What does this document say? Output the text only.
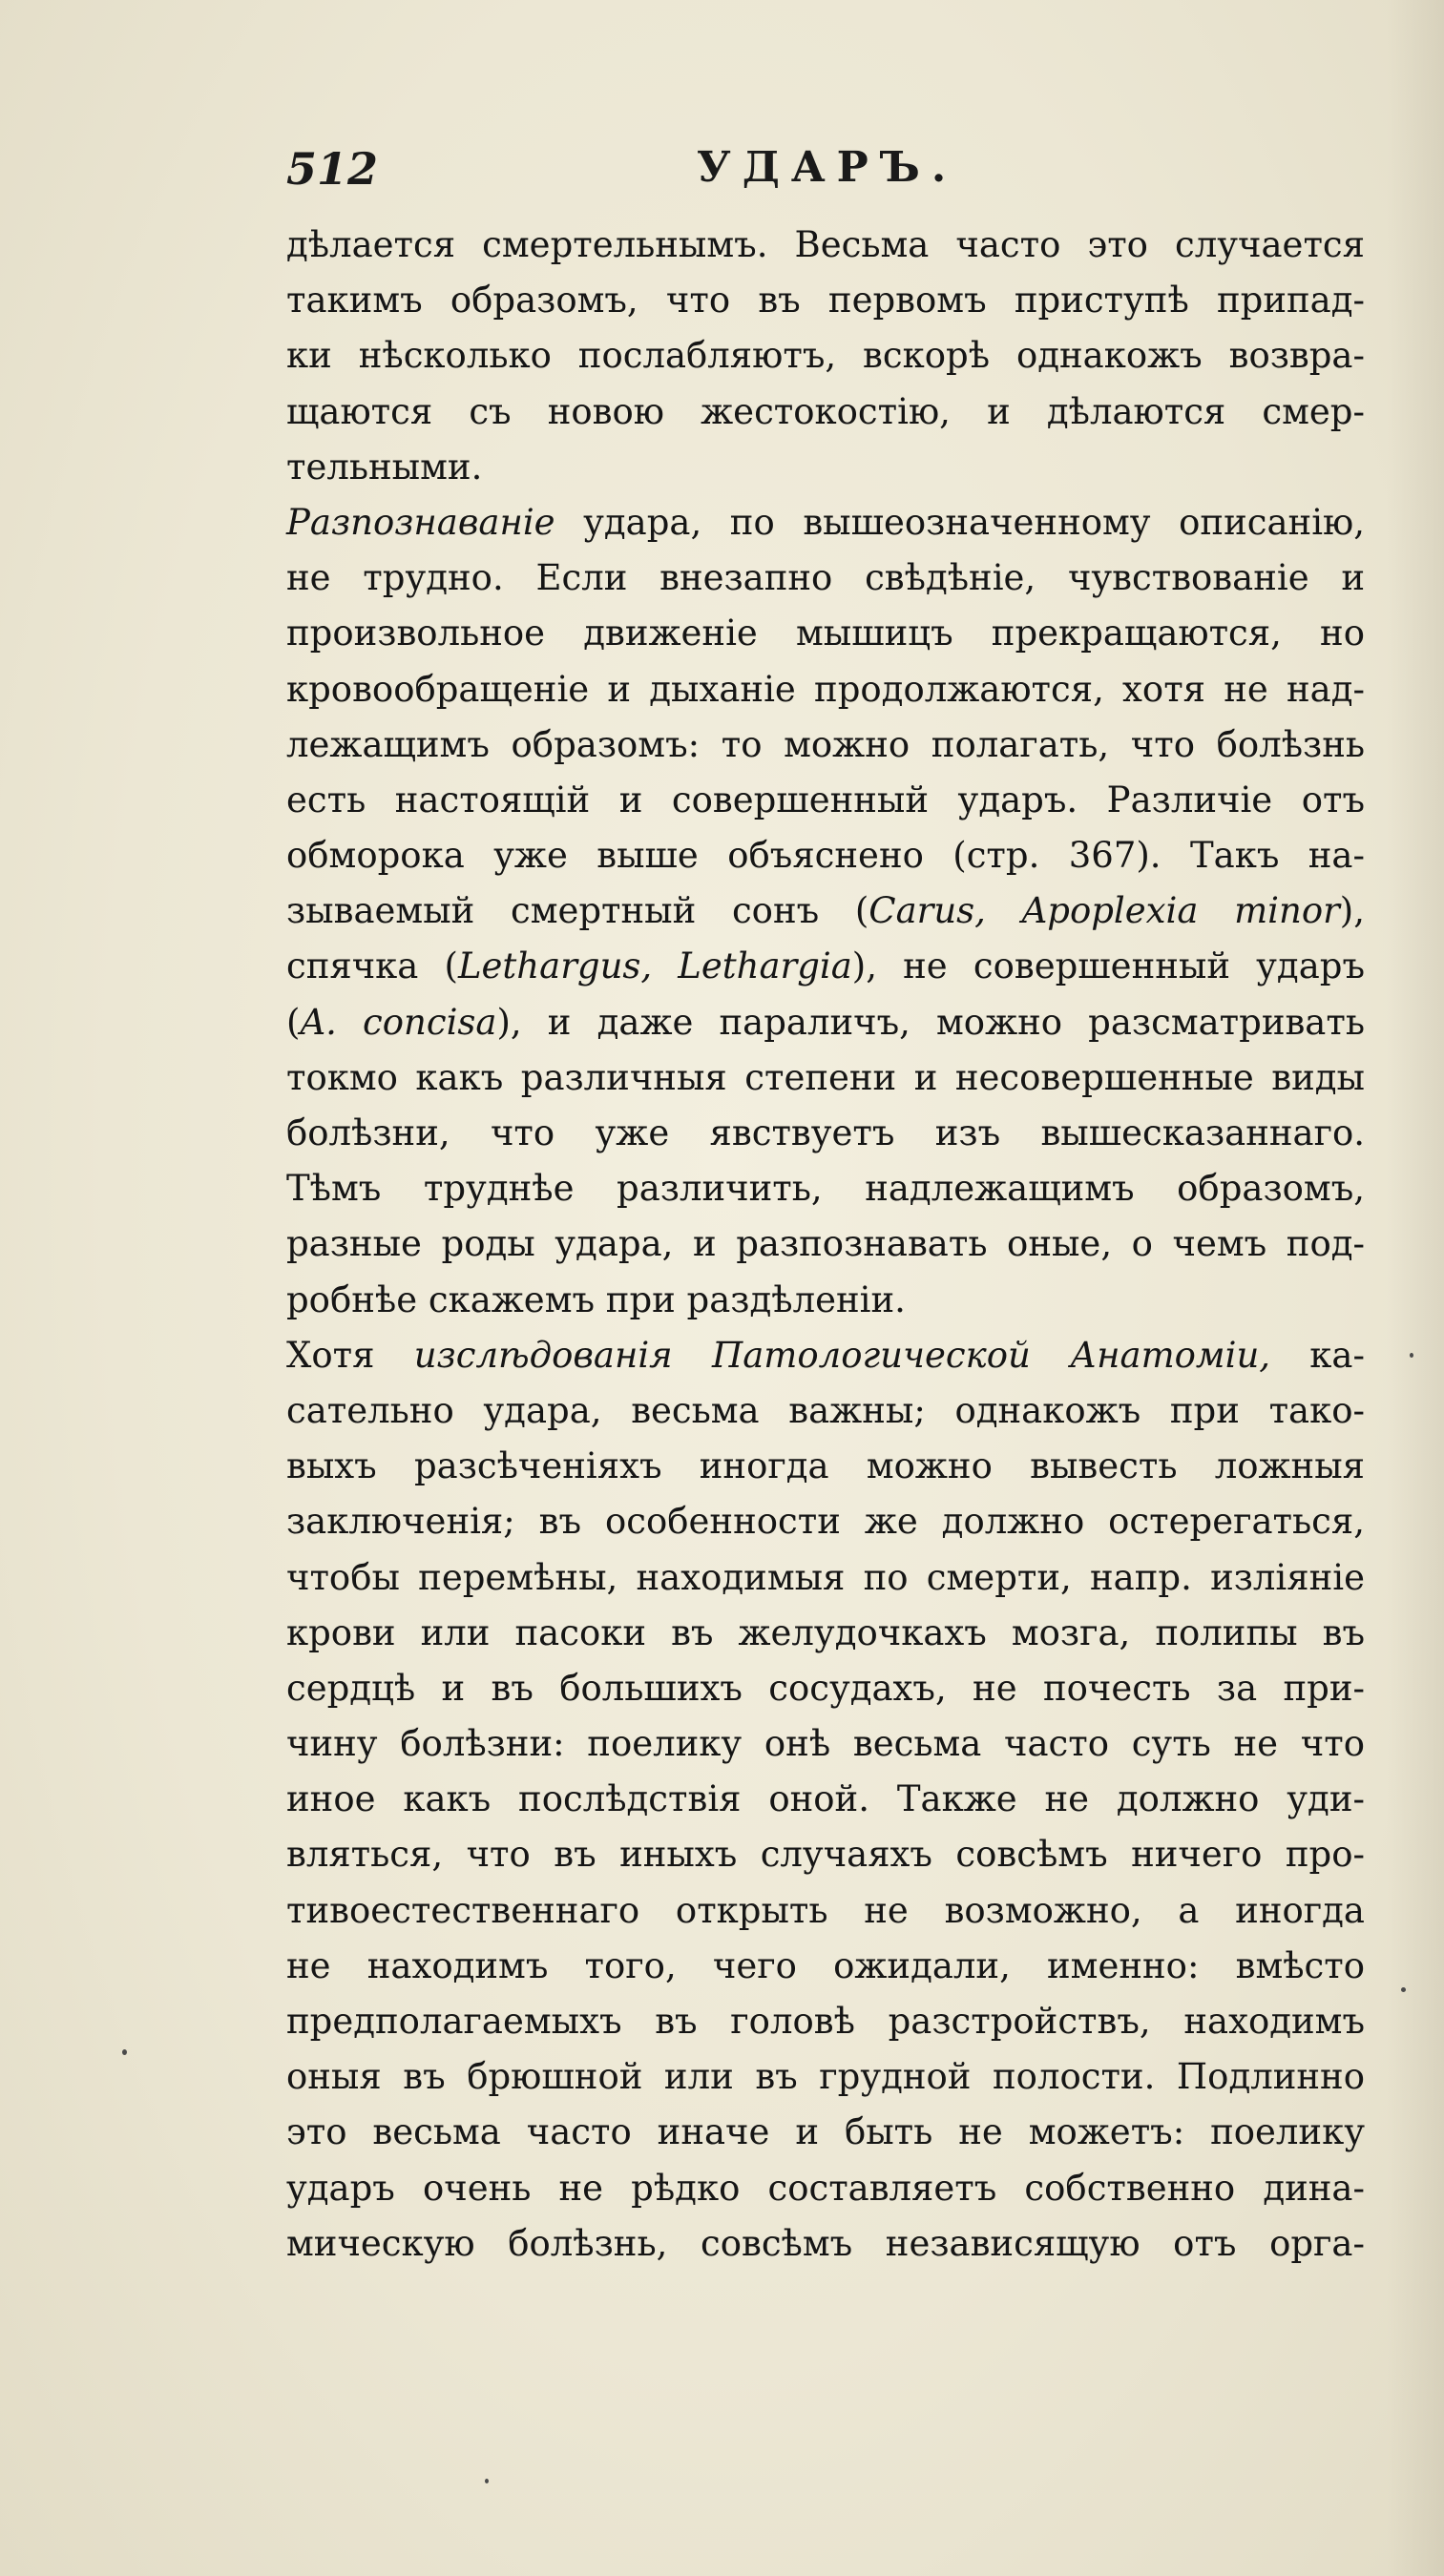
512	УДАРЪ.
дѣлается смертельнымъ. Весьма часто это случается
такимъ образомъ, что въ первомъ приступѣ припад-
ки нѣсколько послабляютъ, вскорѣ однакожъ возвра-
щаются съ новою жестокостію, и дѣлаются смер-
тельными.
Разпознаванiе удара, по вышеозначенному описанію,
не трудно. Если внезапно свѣдѣніе, чувствованіе и
произвольное движеніе мышицъ прекращаются, но
кровообращеніе и дыханіе продолжаются, хотя не над-
лежащимъ образомъ: то можно полагать, что болѣзнь
есть настоящій и совершенный ударъ. Различіе отъ
обморока уже выше объяснено (стр. 367). Такъ на-
зываемый смертный сонъ (Carus, Apoplexia minor),
спячка (Lethargus, Lethargia), не совершенный ударъ
(A. concisa), и даже параличъ, можно разсматривать
токмо какъ различныя степени и несовершенные виды
болѣзни, что уже явствуетъ изъ вышесказаннаго.
Тѣмъ труднѣе различить, надлежащимъ образомъ,
разные роды удара, и разпознавать оные, о чемъ под-
робнѣе скажемъ при раздѣленіи.
Хотя изслѣдованія Патологической Анатоміи, ка-
сательно удара, весьма важны; однакожъ при тако-
выхъ разсѣченіяхъ иногда можно вывесть ложныя
заключенія; въ особенности же должно остерегаться,
чтобы перемѣны, находимыя по смерти, напр. изліяніе
крови или пасоки въ желудочкахъ мозга, полипы въ
сердцѣ и въ большихъ сосудахъ, не почесть за при-
чину болѣзни: поелику онѣ весьма часто суть не что
иное какъ послѣдствія оной. Также не должно уди-
вляться, что въ иныхъ случаяхъ совсѣмъ ничего про-
тивоестественнаго открыть не возможно, а иногда
не находимъ того, чего ожидали, именно: вмѣсто
предполагаемыхъ въ головѣ разстройствъ, находимъ
оныя въ брюшной или въ грудной полости. Подлинно
это весьма часто иначе и быть не можетъ: поелику
ударъ очень не рѣдко составляетъ собственно дина-
мическую болѣзнь, совсѣмъ независящую отъ орга-
